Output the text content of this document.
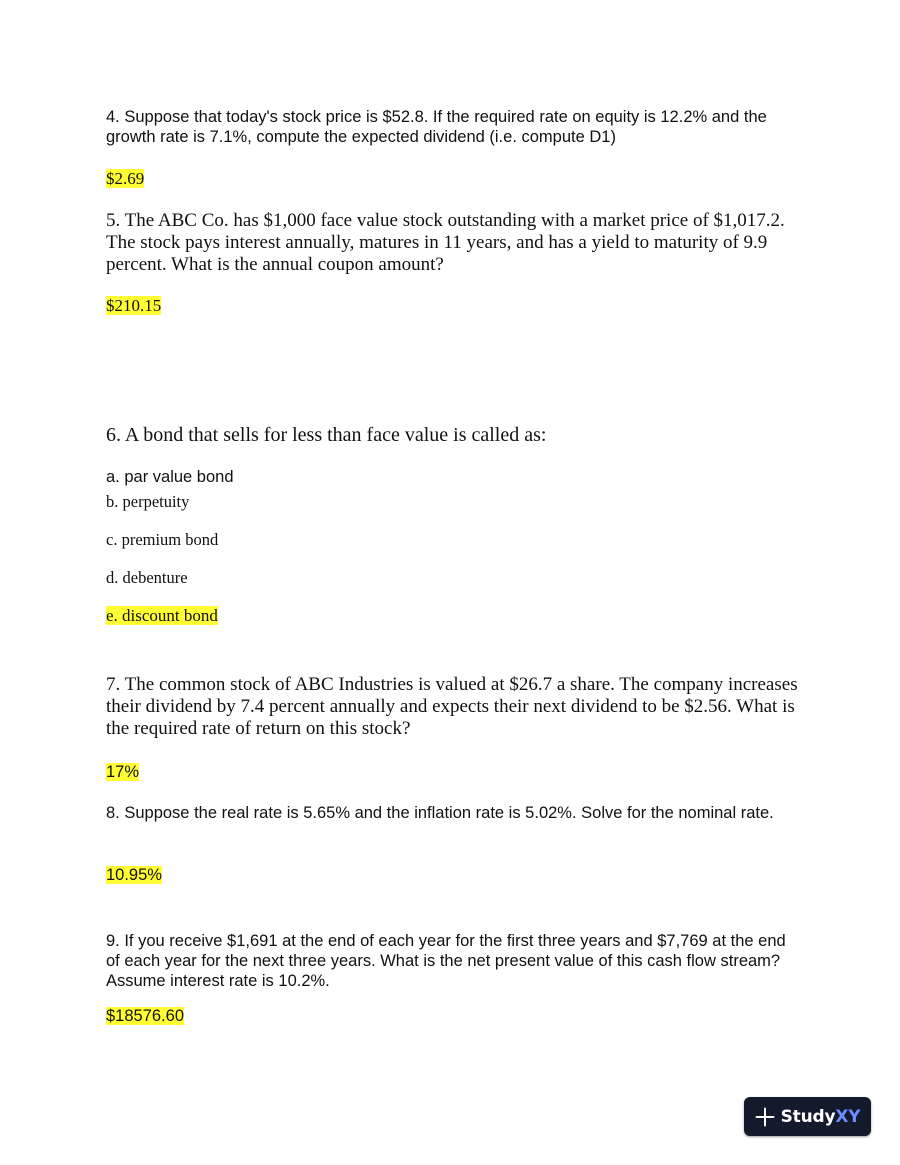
4. Suppose that today's stock price is $52.8. If the required rate on equity is 12.2% and the growth rate is 7.1%, compute the expected dividend (i.e. compute D1)

$2.69

5. The ABC Co. has $1,000 face value stock outstanding with a market price of $1,017.2. The stock pays interest annually, matures in 11 years, and has a yield to maturity of 9.9 percent. What is the annual coupon amount?

$210.15

6. A bond that sells for less than face value is called as:

a. par value bond
b. perpetuity
c. premium bond
d. debenture
e. discount bond

7. The common stock of ABC Industries is valued at $26.7 a share. The company increases their dividend by 7.4 percent annually and expects their next dividend to be $2.56. What is the required rate of return on this stock?

17%

8. Suppose the real rate is 5.65% and the inflation rate is 5.02%. Solve for the nominal rate.

10.95%

9. If you receive $1,691 at the end of each year for the first three years and $7,769 at the end of each year for the next three years. What is the net present value of this cash flow stream? Assume interest rate is 10.2%.

$18576.60
StudyXY
